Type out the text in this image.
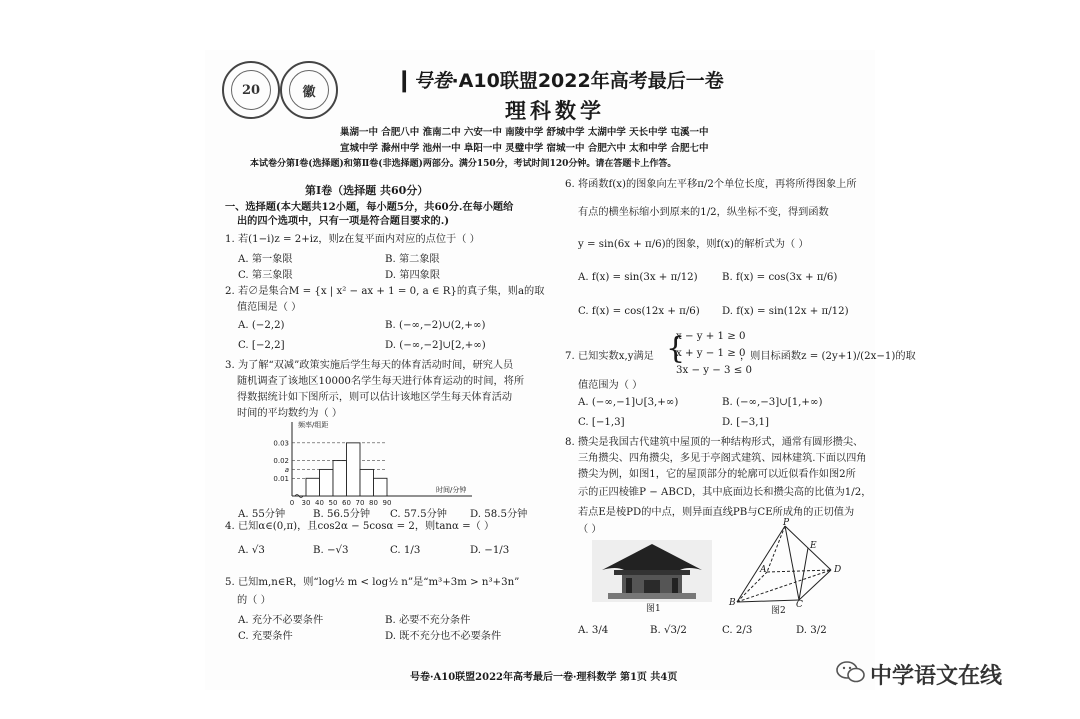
20	徽	❙号卷·A10联盟2022年高考最后一卷
理科数学
巢湖一中 合肥八中 淮南二中 六安一中 南陵中学 舒城中学 太湖中学 天长中学 屯溪一中
宣城中学 滁州中学 池州一中 阜阳一中 灵璧中学 宿城一中 合肥六中 太和中学 合肥七中
本试卷分第Ⅰ卷(选择题)和第Ⅱ卷(非选择题)两部分。满分150分，考试时间120分钟。请在答题卡上作答。
第Ⅰ卷（选择题 共60分）
一、选择题(本大题共12小题，每小题5分，共60分.在每小题给
出的四个选项中，只有一项是符合题目要求的.)
1. 若(1−i)z = 2+iz，则z在复平面内对应的点位于（ ）
A. 第一象限	B. 第二象限
C. 第三象限	D. 第四象限
2. 若∅是集合M = {x | x² − ax + 1 = 0, a ∈ R}的真子集，则a的取
值范围是（ ）
A. (−2,2)	B. (−∞,−2)∪(2,+∞)
C. [−2,2]	D. (−∞,−2]∪[2,+∞)
3. 为了解“双减”政策实施后学生每天的体育活动时间，研究人员
随机调查了该地区10000名学生每天进行体育运动的时间，将所
得数据统计如下图所示，则可以估计该地区学生每天体育活动
时间的平均数约为（ ）
频率/组距
时间/分钟
0.01
a
0.02
0.03
0 30 40 50 60 70 80 90
A. 55分钟	B. 56.5分钟 C. 57.5分钟 D. 58.5分钟
4. 已知α∈(0,π)，且cos2α − 5cosα = 2，则tanα =（ ）
A. √3	B. −√3	C. 1/3	D. −1/3
5. 已知m,n∈R，则“log½ m < log½ n”是“m³+3m > n³+3n”
的（ ）
A. 充分不必要条件	B. 必要不充分条件
C. 充要条件	D. 既不充分也不必要条件
6. 将函数f(x)的图象向左平移π/2个单位长度，再将所得图象上所
有点的横坐标缩小到原来的1/2，纵坐标不变，得到函数
y = sin(6x + π/6)的图象，则f(x)的解析式为（ ）
A. f(x) = sin(3x + π/12) B. f(x) = cos(3x + π/6)
C. f(x) = cos(12x + π/6) D. f(x) = sin(12x + π/12)
7. 已知实数x,y满足 {
x − y + 1 ≥ 0
x + y − 1 ≥ 0
3x − y − 3 ≤ 0
，则目标函数z = (2y+1)/(2x−1)的取
值范围为（ ）
A. (−∞,−1]∪[3,+∞)	B. (−∞,−3]∪[1,+∞)
C. [−1,3]	D. [−3,1]
8. 攒尖是我国古代建筑中屋顶的一种结构形式，通常有圆形攒尖、
三角攒尖、四角攒尖，多见于亭阁式建筑、园林建筑.下面以四角
攒尖为例，如图1，它的屋顶部分的轮廓可以近似看作如图2所
示的正四棱锥P − ABCD，其中底面边长和攒尖高的比值为1/2，
若点E是棱PD的中点，则异面直线PB与CE所成角的正切值为
（ ）
图1
P
A
B	C
D
E
图2
A. 3/4	B. √3/2	C. 2/3	D. 3/2
号卷·A10联盟2022年高考最后一卷·理科数学 第1页 共4页	中学语文在线
